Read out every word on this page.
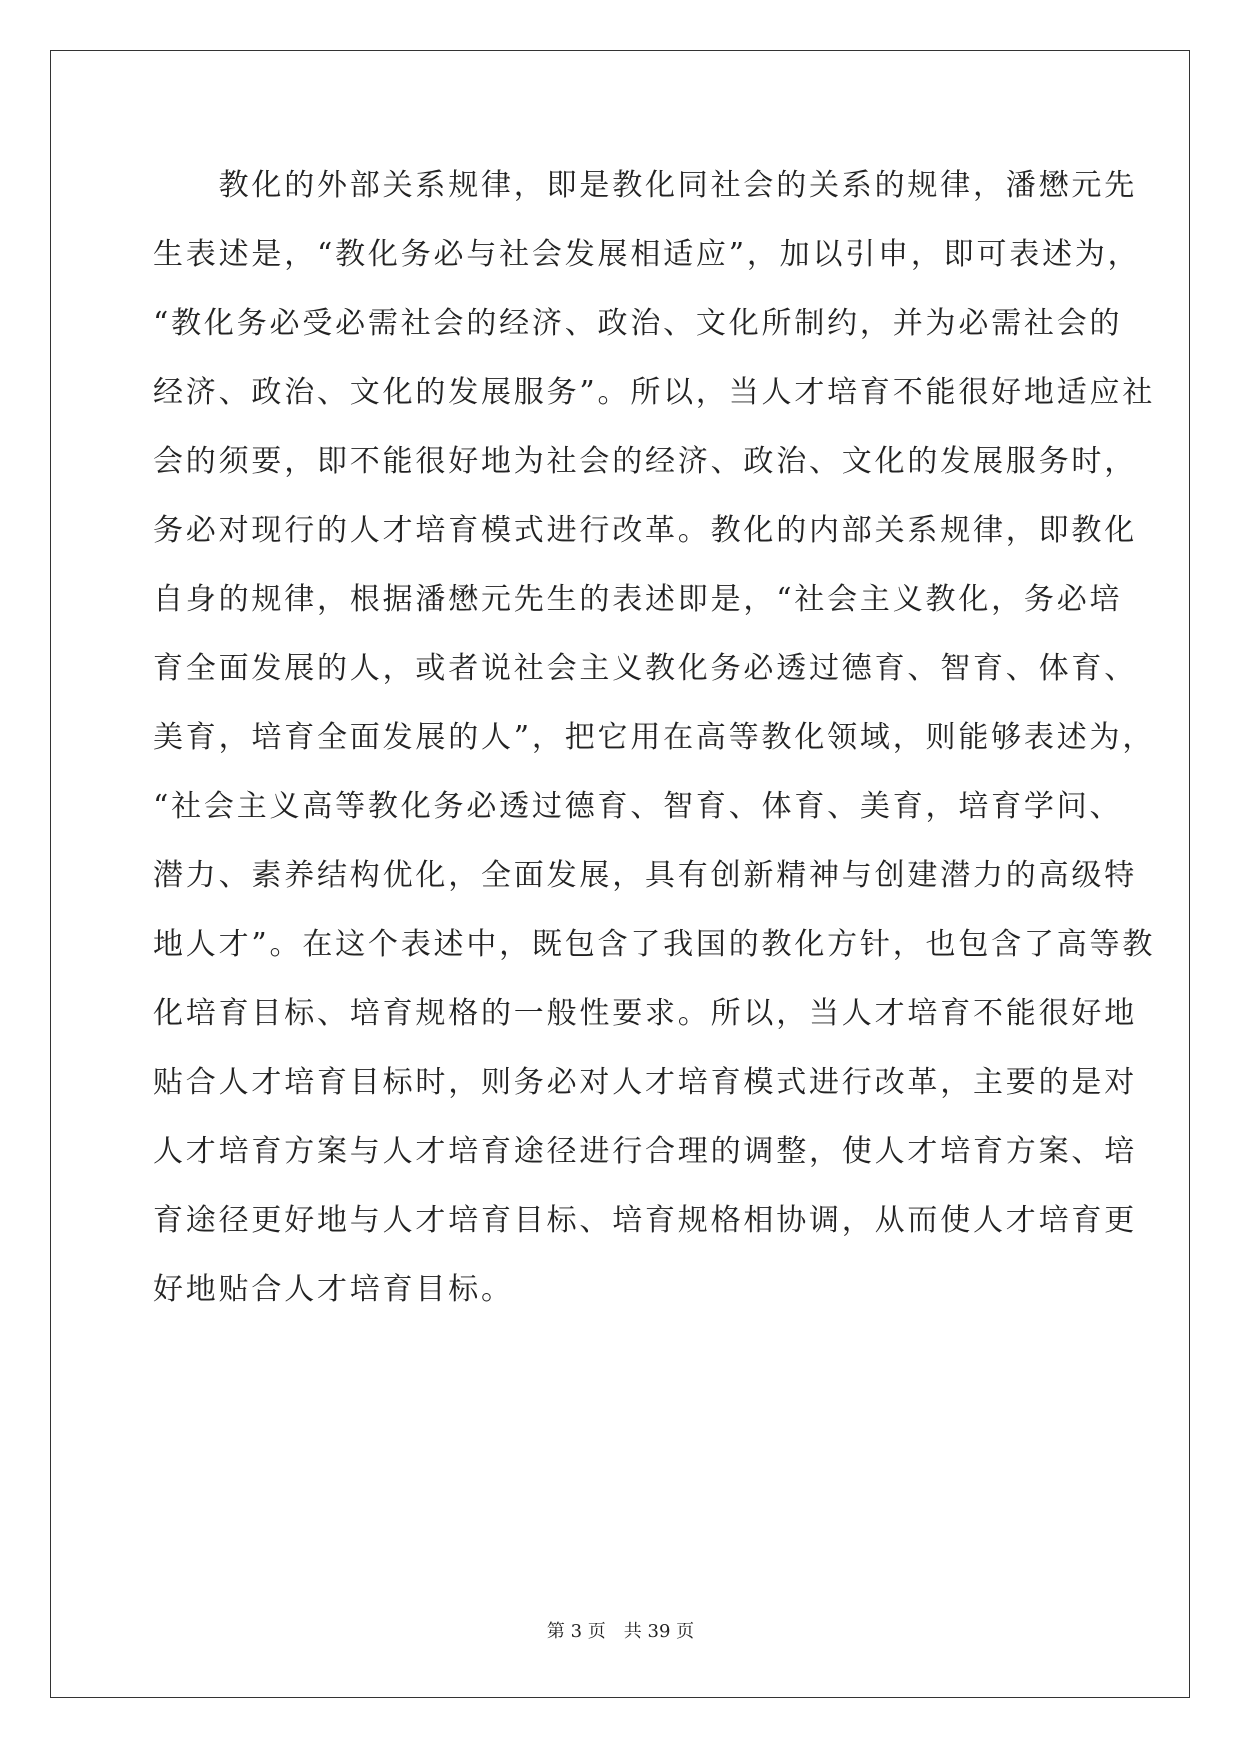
　　教化的外部关系规律，即是教化同社会的关系的规律，潘懋元先
生表述是，“教化务必与社会发展相适应”，加以引申，即可表述为，
“教化务必受必需社会的经济、政治、文化所制约，并为必需社会的
经济、政治、文化的发展服务”。所以，当人才培育不能很好地适应社
会的须要，即不能很好地为社会的经济、政治、文化的发展服务时，
务必对现行的人才培育模式进行改革。教化的内部关系规律，即教化
自身的规律，根据潘懋元先生的表述即是，“社会主义教化，务必培
育全面发展的人，或者说社会主义教化务必透过德育、智育、体育、
美育，培育全面发展的人”，把它用在高等教化领域，则能够表述为，
“社会主义高等教化务必透过德育、智育、体育、美育，培育学问、
潜力、素养结构优化，全面发展，具有创新精神与创建潜力的高级特
地人才”。在这个表述中，既包含了我国的教化方针，也包含了高等教
化培育目标、培育规格的一般性要求。所以，当人才培育不能很好地
贴合人才培育目标时，则务必对人才培育模式进行改革，主要的是对
人才培育方案与人才培育途径进行合理的调整，使人才培育方案、培
育途径更好地与人才培育目标、培育规格相协调，从而使人才培育更
好地贴合人才培育目标。
第 3 页 共 39 页
